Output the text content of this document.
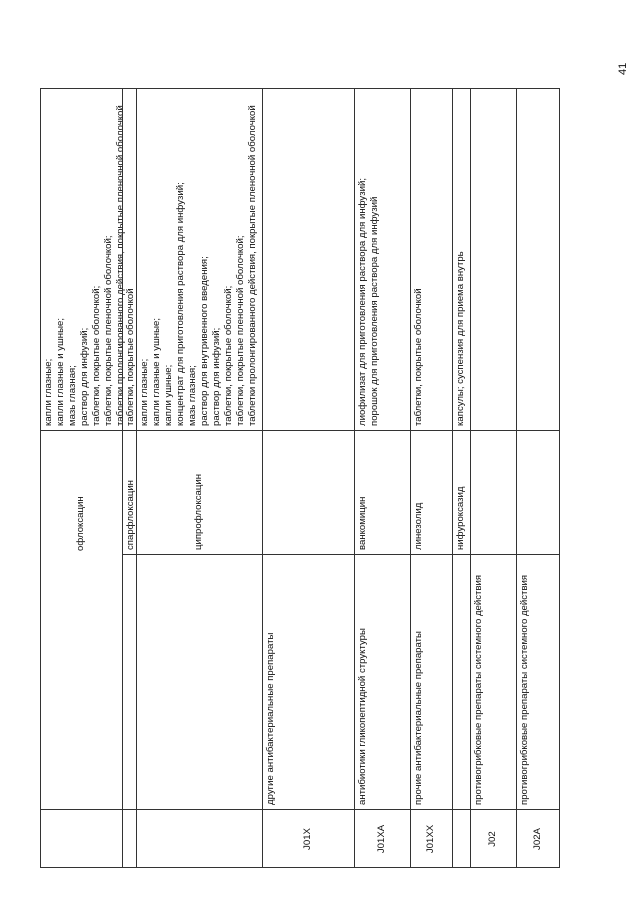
41
офлоксацин
капли глазные; капли глазные и ушные; мазь глазная; раствор для инфузий; таблетки, покрытые оболочкой; таблетки, покрытые пленочной оболочкой; таблетки пролонгированного действия, покрытые пленочной оболочкой
спарфлоксацин
таблетки, покрытые оболочкой
ципрофлоксацин
капли глазные; капли глазные и ушные; капли ушные; концентрат для приготовления раствора для инфузий; мазь глазная; раствор для внутривенного введения; раствор для инфузий; таблетки, покрытые оболочкой; таблетки, покрытые пленочной оболочкой; таблетки пролонгированного действия, покрытые пленочной оболочкой
J01X
другие антибактериальные препараты
J01XA
антибиотики гликопептидной структуры
ванкомицин
лиофилизат для приготовления раствора для инфузий; порошок для приготовления раствора для инфузий
J01XX
прочие антибактериальные препараты
линезолид
таблетки, покрытые оболочкой
нифуроксазид
капсулы; суспензия для приема внутрь
J02
противогрибковые препараты системного действия
J02A
противогрибковые препараты системного действия
